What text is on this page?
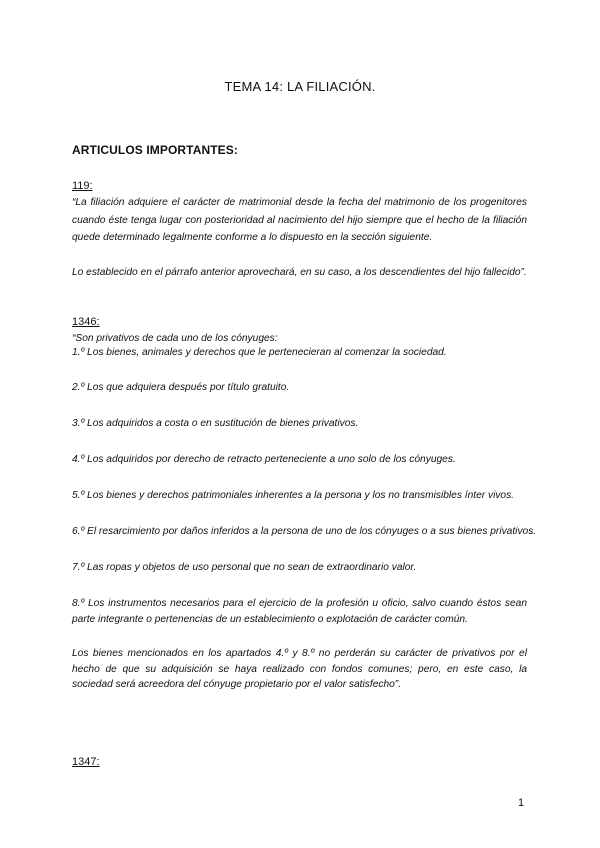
TEMA 14: LA FILIACIÓN.
ARTICULOS IMPORTANTES:
119:
“La filiación adquiere el carácter de matrimonial desde la fecha del matrimonio de los progenitores cuando éste tenga lugar con posterioridad al nacimiento del hijo siempre que el hecho de la filiación quede determinado legalmente conforme a lo dispuesto en la sección siguiente.
Lo establecido en el párrafo anterior aprovechará, en su caso, a los descendientes del hijo fallecido”.
1346:
“Son privativos de cada uno de los cónyuges:
1.º Los bienes, animales y derechos que le pertenecieran al comenzar la sociedad.
2.º Los que adquiera después por título gratuito.
3.º Los adquiridos a costa o en sustitución de bienes privativos.
4.º Los adquiridos por derecho de retracto perteneciente a uno solo de los cónyuges.
5.º Los bienes y derechos patrimoniales inherentes a la persona y los no transmisibles ínter vivos.
6.º El resarcimiento por daños inferidos a la persona de uno de los cónyuges o a sus bienes privativos.
7.º Las ropas y objetos de uso personal que no sean de extraordinario valor.
8.º Los instrumentos necesarios para el ejercicio de la profesión u oficio, salvo cuando éstos sean parte integrante o pertenencias de un establecimiento o explotación de carácter común.
Los bienes mencionados en los apartados 4.º y 8.º no perderán su carácter de privativos por el hecho de que su adquisición se haya realizado con fondos comunes; pero, en este caso, la sociedad será acreedora del cónyuge propietario por el valor satisfecho”.
1347:
1
